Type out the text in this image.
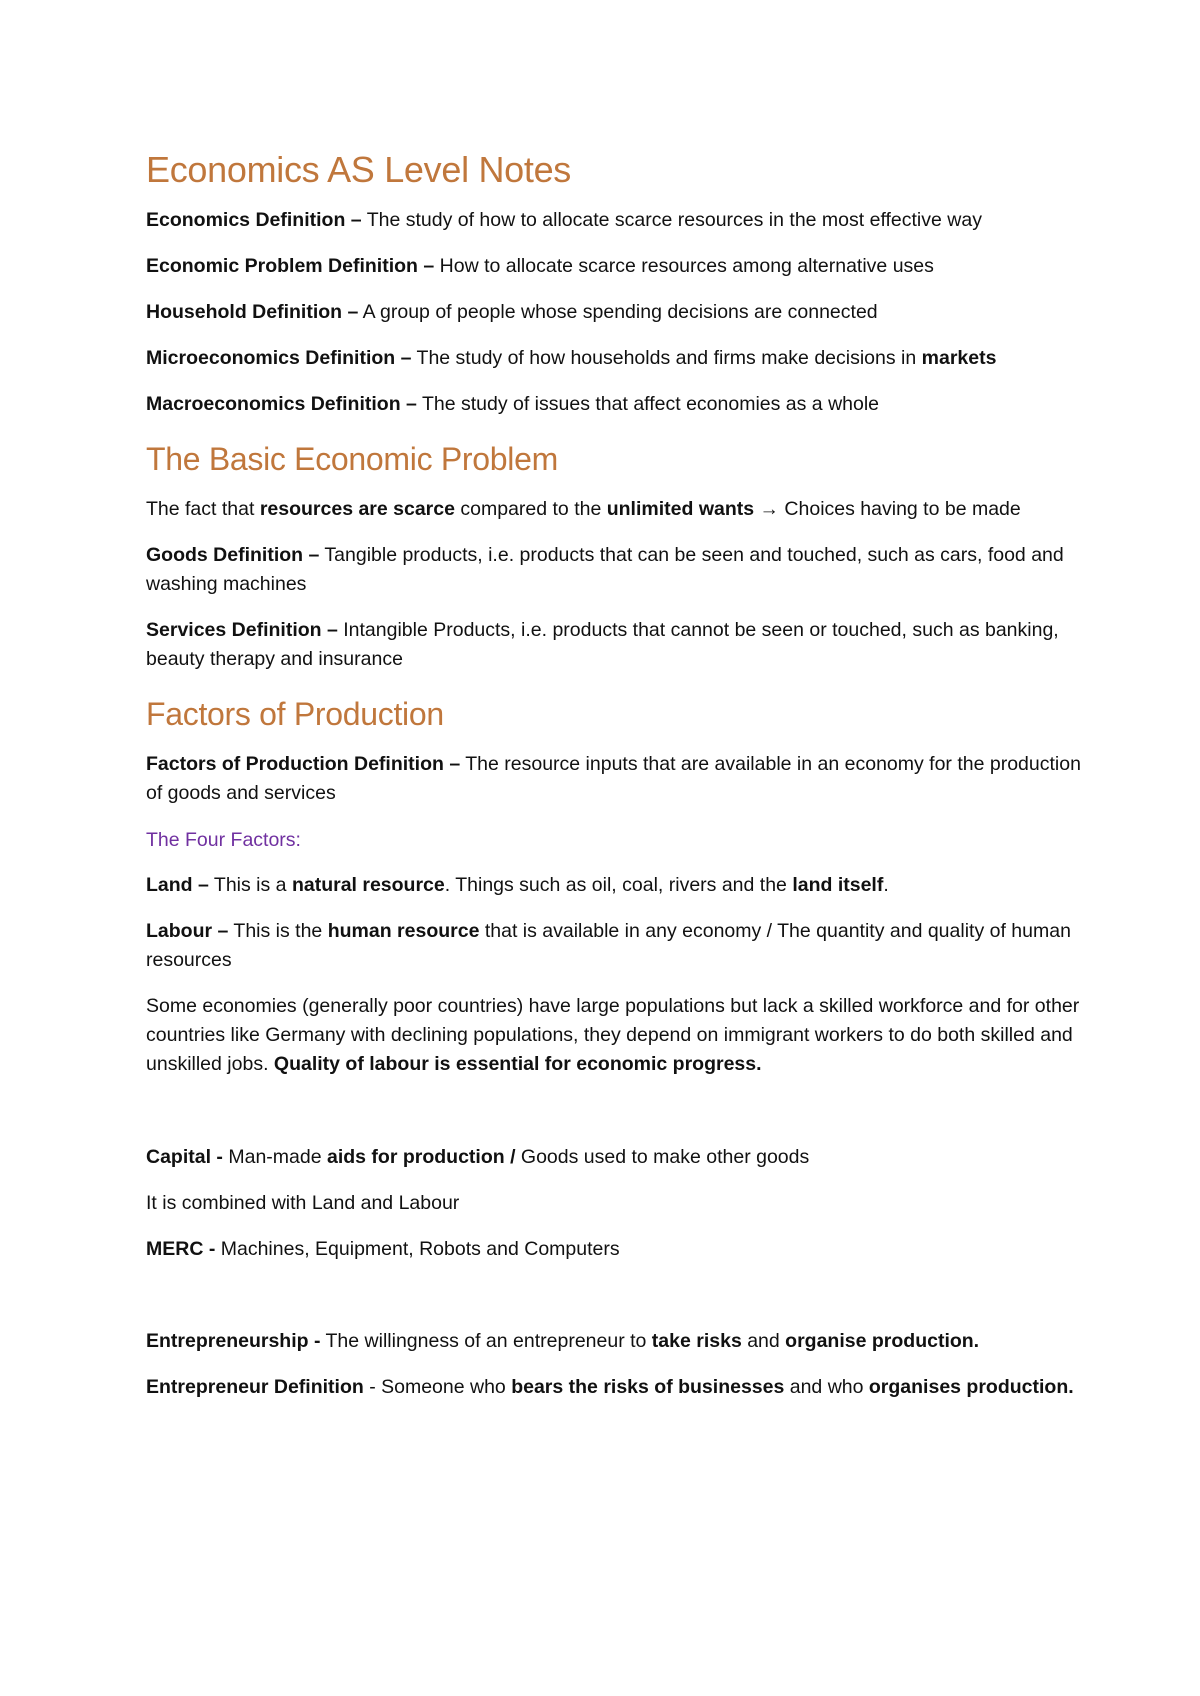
Economics AS Level Notes

Economics Definition – The study of how to allocate scarce resources in the most effective way

Economic Problem Definition – How to allocate scarce resources among alternative uses

Household Definition – A group of people whose spending decisions are connected

Microeconomics Definition – The study of how households and firms make decisions in markets

Macroeconomics Definition – The study of issues that affect economies as a whole

The Basic Economic Problem

The fact that resources are scarce compared to the unlimited wants → Choices having to be made

Goods Definition – Tangible products, i.e. products that can be seen and touched, such as cars, food and washing machines

Services Definition – Intangible Products, i.e. products that cannot be seen or touched, such as banking, beauty therapy and insurance

Factors of Production

Factors of Production Definition – The resource inputs that are available in an economy for the production of goods and services

The Four Factors:

Land – This is a natural resource. Things such as oil, coal, rivers and the land itself.

Labour – This is the human resource that is available in any economy / The quantity and quality of human resources

Some economies (generally poor countries) have large populations but lack a skilled workforce and for other countries like Germany with declining populations, they depend on immigrant workers to do both skilled and unskilled jobs. Quality of labour is essential for economic progress.

Capital - Man-made aids for production / Goods used to make other goods

It is combined with Land and Labour

MERC - Machines, Equipment, Robots and Computers

Entrepreneurship - The willingness of an entrepreneur to take risks and organise production.

Entrepreneur Definition - Someone who bears the risks of businesses and who organises production.
